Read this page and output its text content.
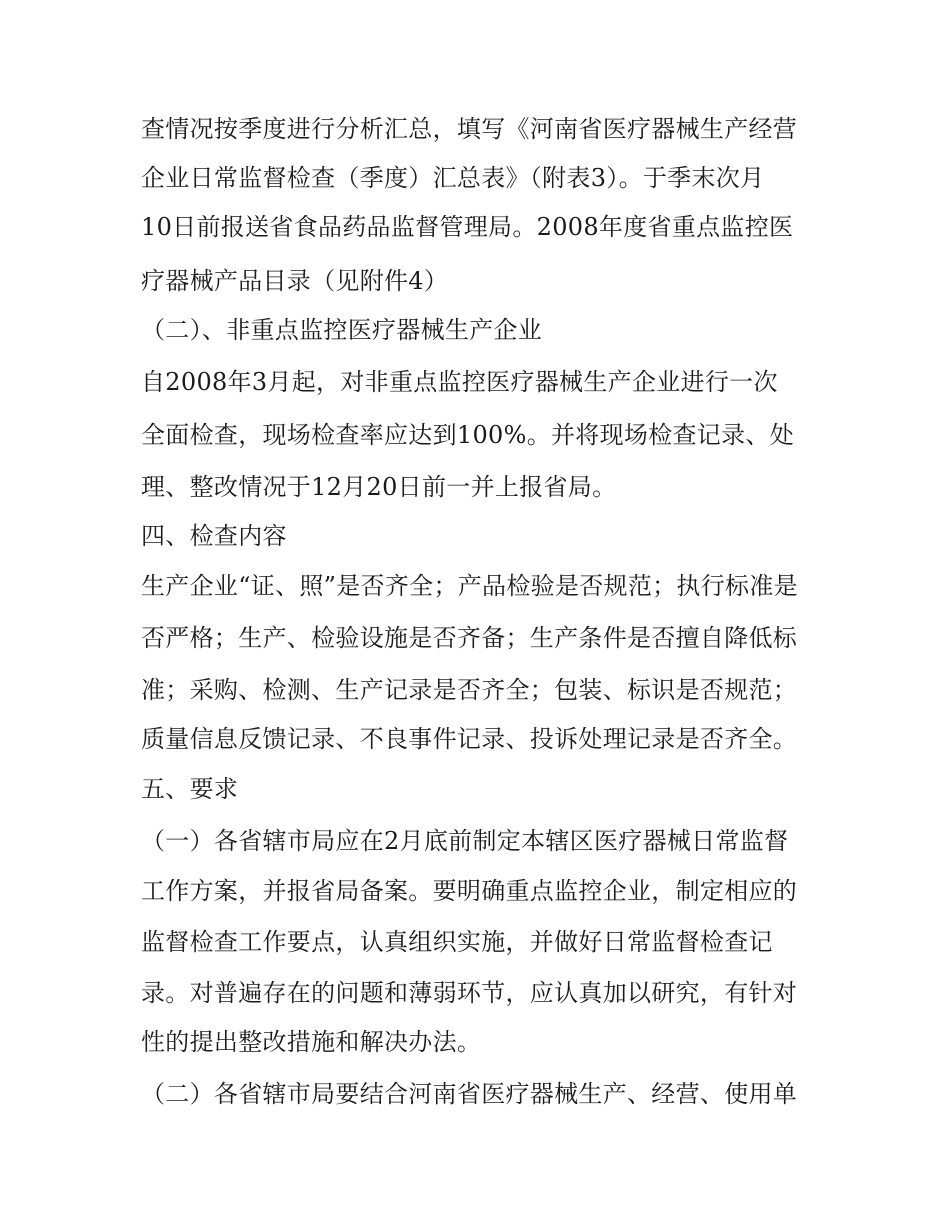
查情况按季度进行分析汇总，填写《河南省医疗器械生产经营
企业日常监督检查（季度）汇总表》（附表3）。于季末次月
10日前报送省食品药品监督管理局。2008年度省重点监控医
疗器械产品目录（见附件4）
（二）、非重点监控医疗器械生产企业
自2008年3月起，对非重点监控医疗器械生产企业进行一次
全面检查，现场检查率应达到100%。并将现场检查记录、处
理、整改情况于12月20日前一并上报省局。
四、检查内容
生产企业“证、照”是否齐全；产品检验是否规范；执行标准是
否严格；生产、检验设施是否齐备；生产条件是否擅自降低标
准；采购、检测、生产记录是否齐全；包装、标识是否规范；
质量信息反馈记录、不良事件记录、投诉处理记录是否齐全。
五、要求
（一）各省辖市局应在2月底前制定本辖区医疗器械日常监督
工作方案，并报省局备案。要明确重点监控企业，制定相应的
监督检查工作要点，认真组织实施，并做好日常监督检查记
录。对普遍存在的问题和薄弱环节，应认真加以研究，有针对
性的提出整改措施和解决办法。
（二）各省辖市局要结合河南省医疗器械生产、经营、使用单
